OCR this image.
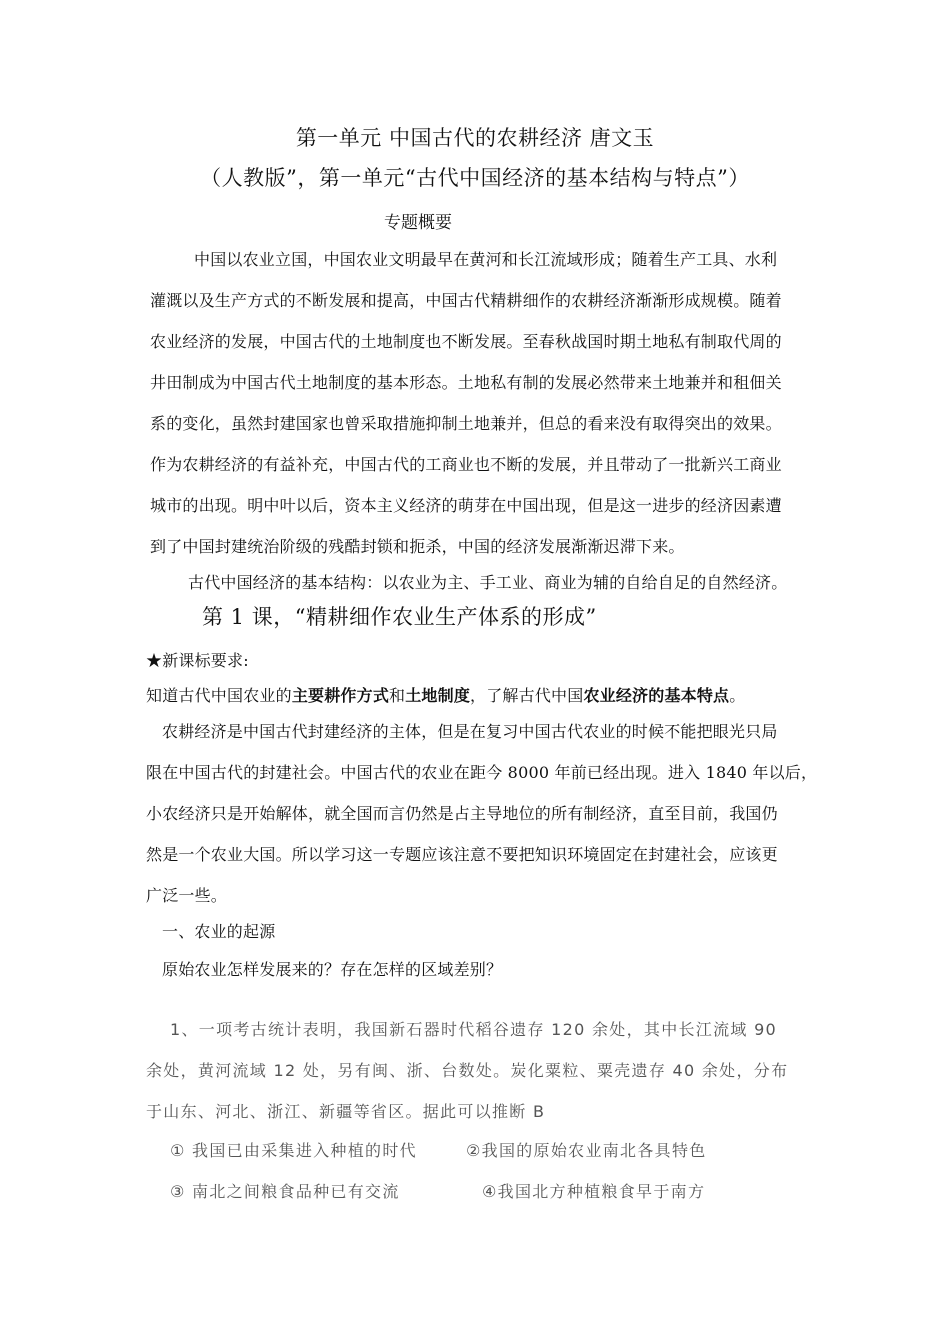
第一单元 中国古代的农耕经济 唐文玉
（人教版”，第一单元“古代中国经济的基本结构与特点”）
专题概要
中国以农业立国，中国农业文明最早在黄河和长江流域形成；随着生产工具、水利
灌溉以及生产方式的不断发展和提高，中国古代精耕细作的农耕经济渐渐形成规模。随着
农业经济的发展，中国古代的土地制度也不断发展。至春秋战国时期土地私有制取代周的
井田制成为中国古代土地制度的基本形态。土地私有制的发展必然带来土地兼并和租佃关
系的变化，虽然封建国家也曾采取措施抑制土地兼并，但总的看来没有取得突出的效果。
作为农耕经济的有益补充，中国古代的工商业也不断的发展，并且带动了一批新兴工商业
城市的出现。明中叶以后，资本主义经济的萌芽在中国出现，但是这一进步的经济因素遭
到了中国封建统治阶级的残酷封锁和扼杀，中国的经济发展渐渐迟滞下来。
古代中国经济的基本结构：以农业为主、手工业、商业为辅的自给自足的自然经济。
第 1 课，“精耕细作农业生产体系的形成”
★新课标要求:
知道古代中国农业的主要耕作方式和土地制度，了解古代中国农业经济的基本特点。
农耕经济是中国古代封建经济的主体，但是在复习中国古代农业的时候不能把眼光只局
限在中国古代的封建社会。中国古代的农业在距今 8000 年前已经出现。进入 1840 年以后，
小农经济只是开始解体，就全国而言仍然是占主导地位的所有制经济，直至目前，我国仍
然是一个农业大国。所以学习这一专题应该注意不要把知识环境固定在封建社会，应该更
广泛一些。
一、农业的起源
原始农业怎样发展来的？存在怎样的区域差别？
1、一项考古统计表明，我国新石器时代稻谷遗存 120 余处，其中长江流域 90
余处，黄河流域 12 处，另有闽、浙、台数处。炭化粟粒、粟壳遗存 40 余处，分布
于山东、河北、浙江、新疆等省区。据此可以推断 B
① 我国已由采集进入种植的时代	②我国的原始农业南北各具特色
③ 南北之间粮食品种已有交流	④我国北方种植粮食早于南方
